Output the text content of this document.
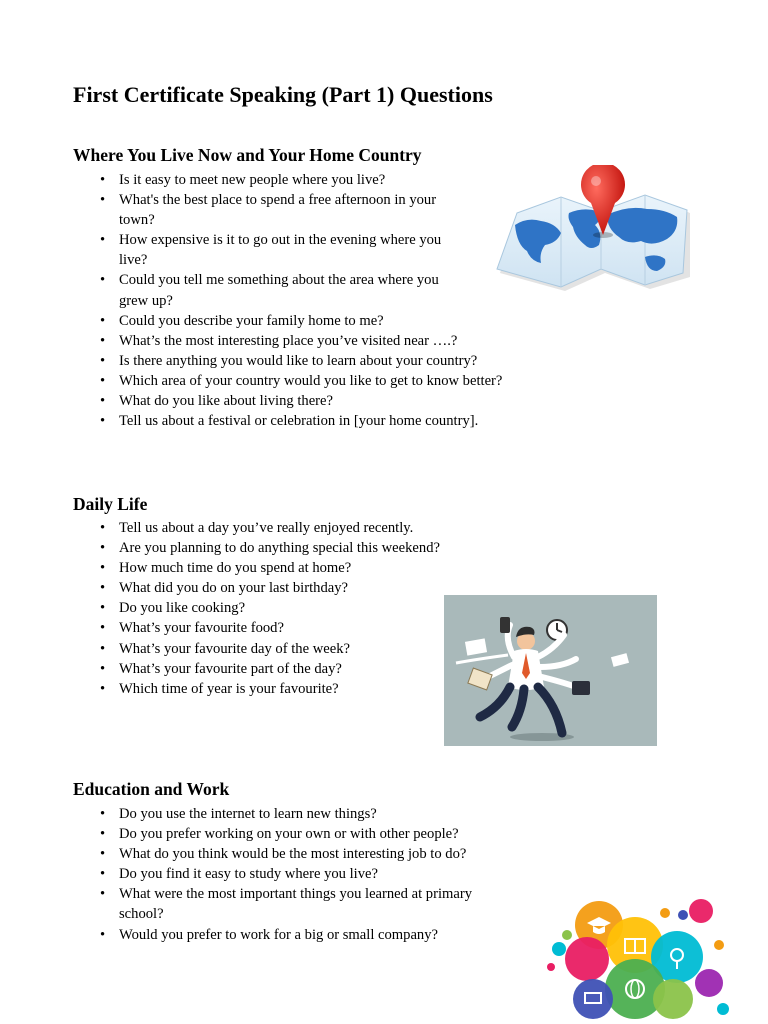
First Certificate Speaking (Part 1) Questions
Where You Live Now and Your Home Country
• Is it easy to meet new people where you live?
• What's the best place to spend a free afternoon in your town?
• How expensive is it to go out in the evening where you live?
• Could you tell me something about the area where you grew up?
• Could you describe your family home to me?
• What’s the most interesting place you’ve visited near ….?
• Is there anything you would like to learn about your country?
• Which area of your country would you like to get to know better?
• What do you like about living there?
• Tell us about a festival or celebration in [your home country].
Daily Life
• Tell us about a day you’ve really enjoyed recently.
• Are you planning to do anything special this weekend?
• How much time do you spend at home?
• What did you do on your last birthday?
• Do you like cooking?
• What’s your favourite food?
• What’s your favourite day of the week?
• What’s your favourite part of the day?
• Which time of year is your favourite?
Education and Work
• Do you use the internet to learn new things?
• Do you prefer working on your own or with other people?
• What do you think would be the most interesting job to do?
• Do you find it easy to study where you live?
• What were the most important things you learned at primary school?
• Would you prefer to work for a big or small company?
